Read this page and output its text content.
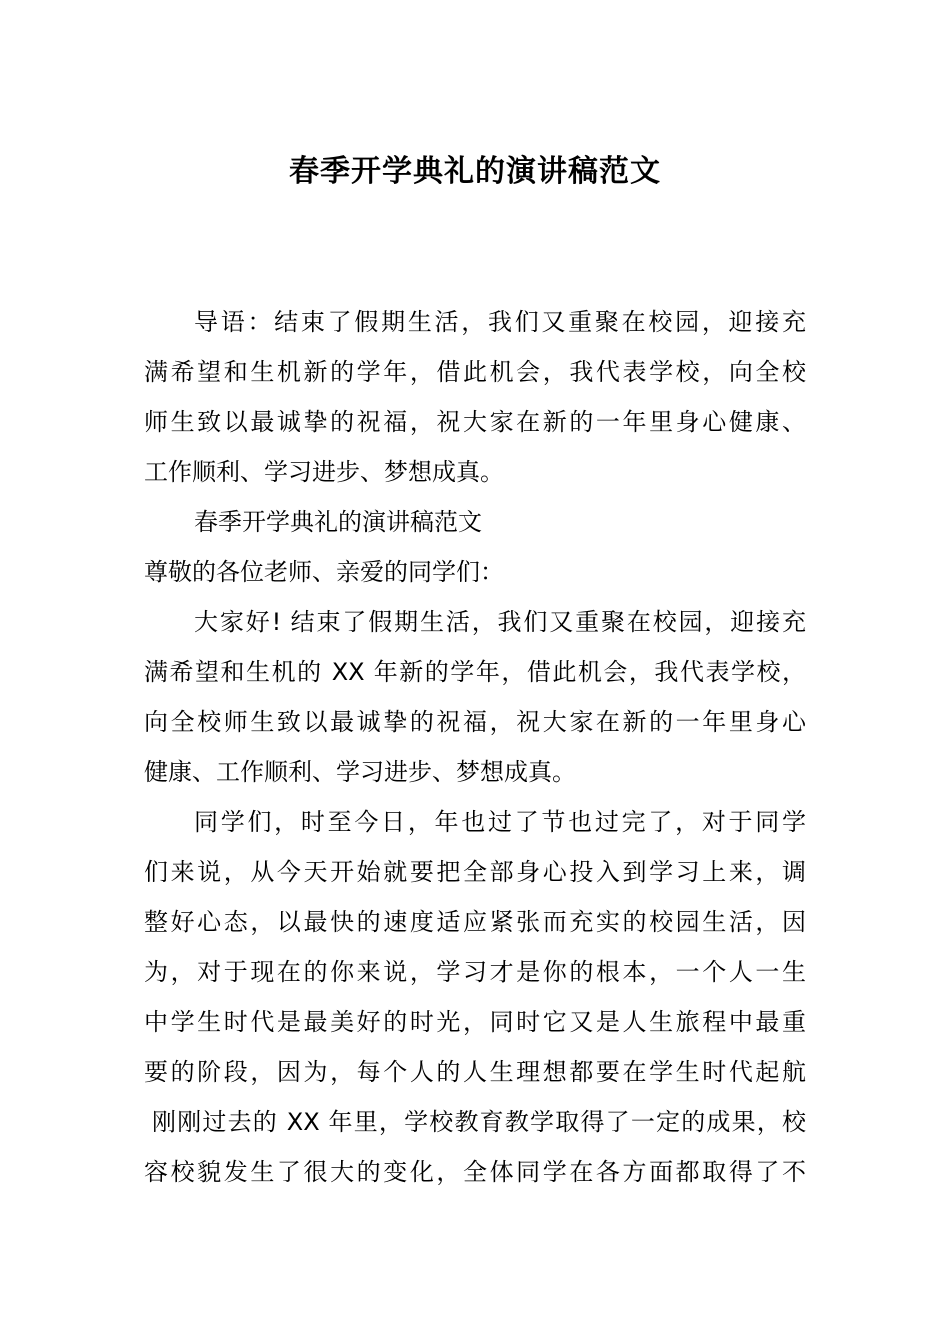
春季开学典礼的演讲稿范文
导语：结束了假期生活，我们又重聚在校园，迎接充
满希望和生机新的学年，借此机会，我代表学校，向全校
师生致以最诚挚的祝福，祝大家在新的一年里身心健康、
工作顺利、学习进步、梦想成真。
春季开学典礼的演讲稿范文
尊敬的各位老师、亲爱的同学们：
大家好! 结束了假期生活，我们又重聚在校园，迎接充
满希望和生机的 XX 年新的学年，借此机会，我代表学校，
向全校师生致以最诚挚的祝福，祝大家在新的一年里身心
健康、工作顺利、学习进步、梦想成真。
同学们，时至今日，年也过了节也过完了，对于同学
们来说，从今天开始就要把全部身心投入到学习上来，调
整好心态，以最快的速度适应紧张而充实的校园生活，因
为，对于现在的你来说，学习才是你的根本，一个人一生
中学生时代是最美好的时光，同时它又是人生旅程中最重
要的阶段，因为，每个人的人生理想都要在学生时代起航
刚刚过去的 XX 年里，学校教育教学取得了一定的成果，校
容校貌发生了很大的变化，全体同学在各方面都取得了不
